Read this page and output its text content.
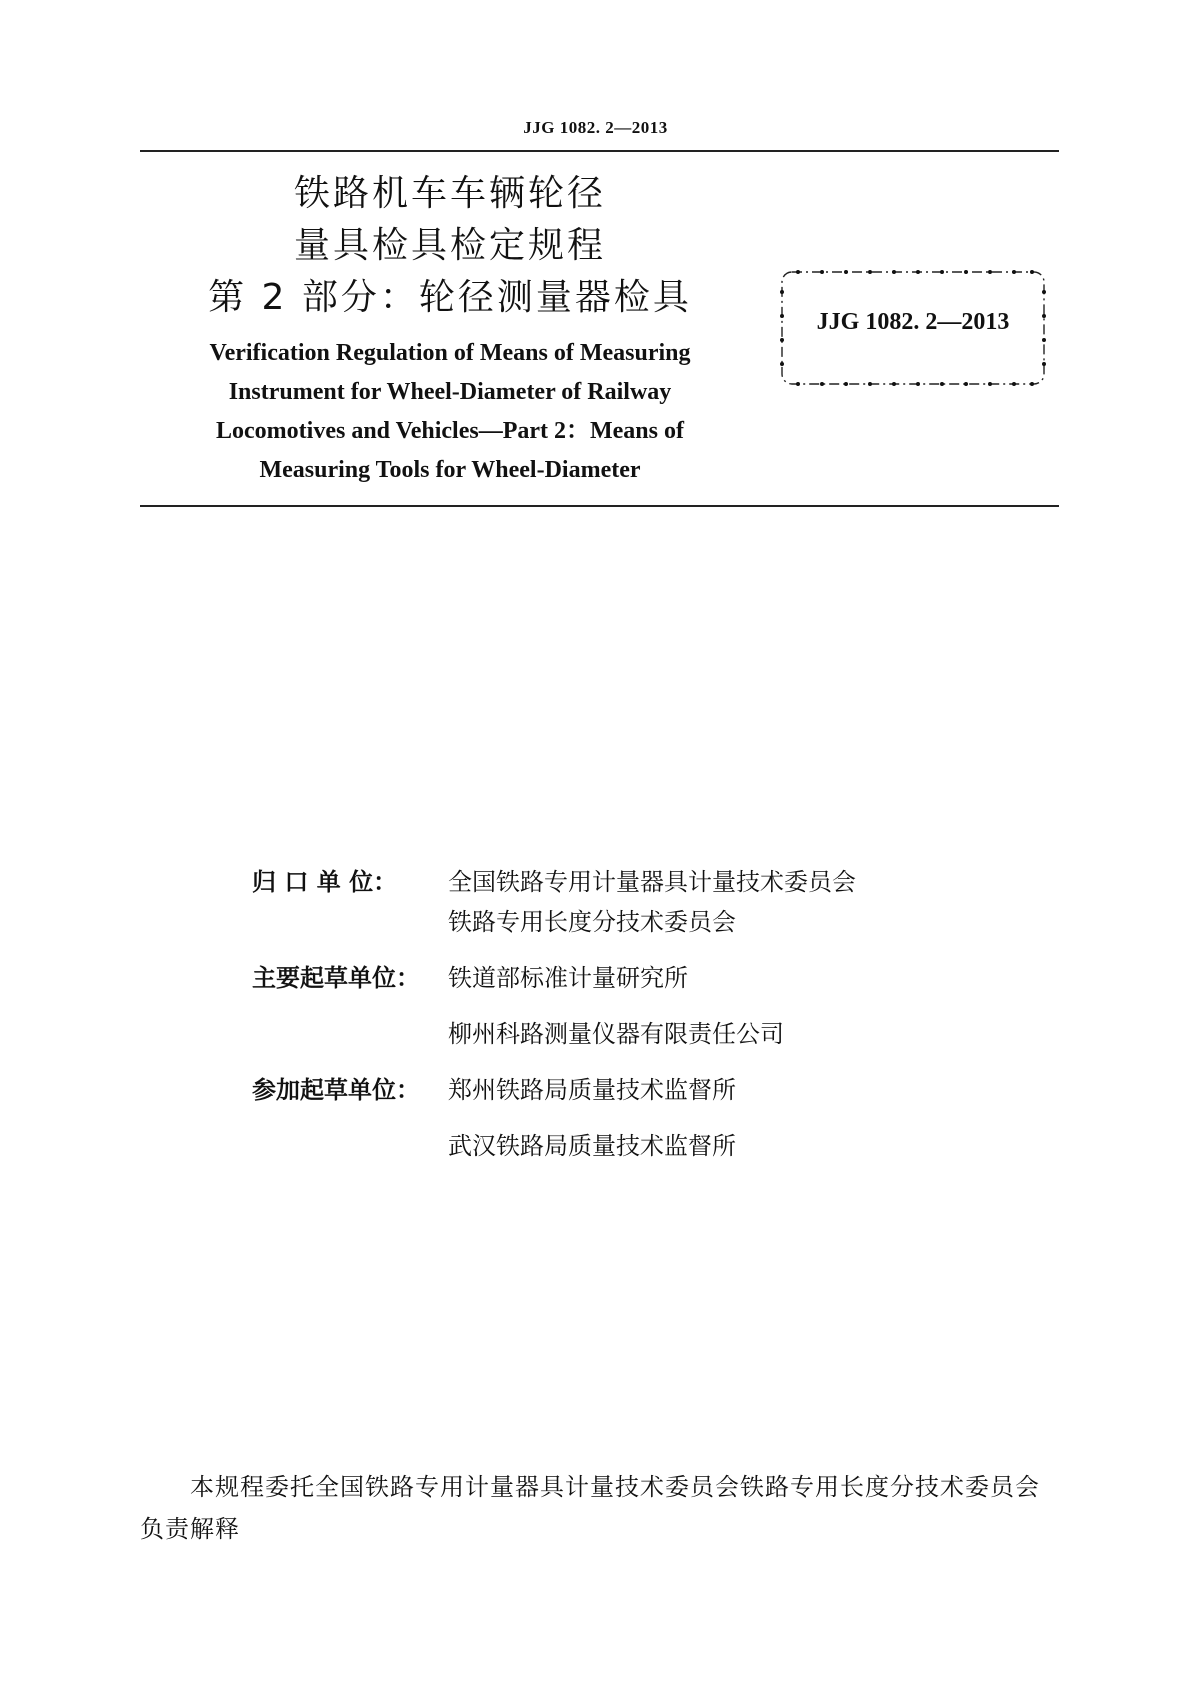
JJG 1082. 2—2013
铁路机车车辆轮径
量具检具检定规程
第 2 部分：轮径测量器检具
Verification Regulation of Means of Measuring
Instrument for Wheel-Diameter of Railway
Locomotives and Vehicles—Part 2：Means of
Measuring Tools for Wheel-Diameter
JJG 1082. 2—2013
归 口 单 位：	全国铁路专用计量器具计量技术委员会
铁路专用长度分技术委员会
主要起草单位：	铁道部标准计量研究所
柳州科路测量仪器有限责任公司
参加起草单位：	郑州铁路局质量技术监督所
武汉铁路局质量技术监督所
本规程委托全国铁路专用计量器具计量技术委员会铁路专用长度分技术委员会负责解释
